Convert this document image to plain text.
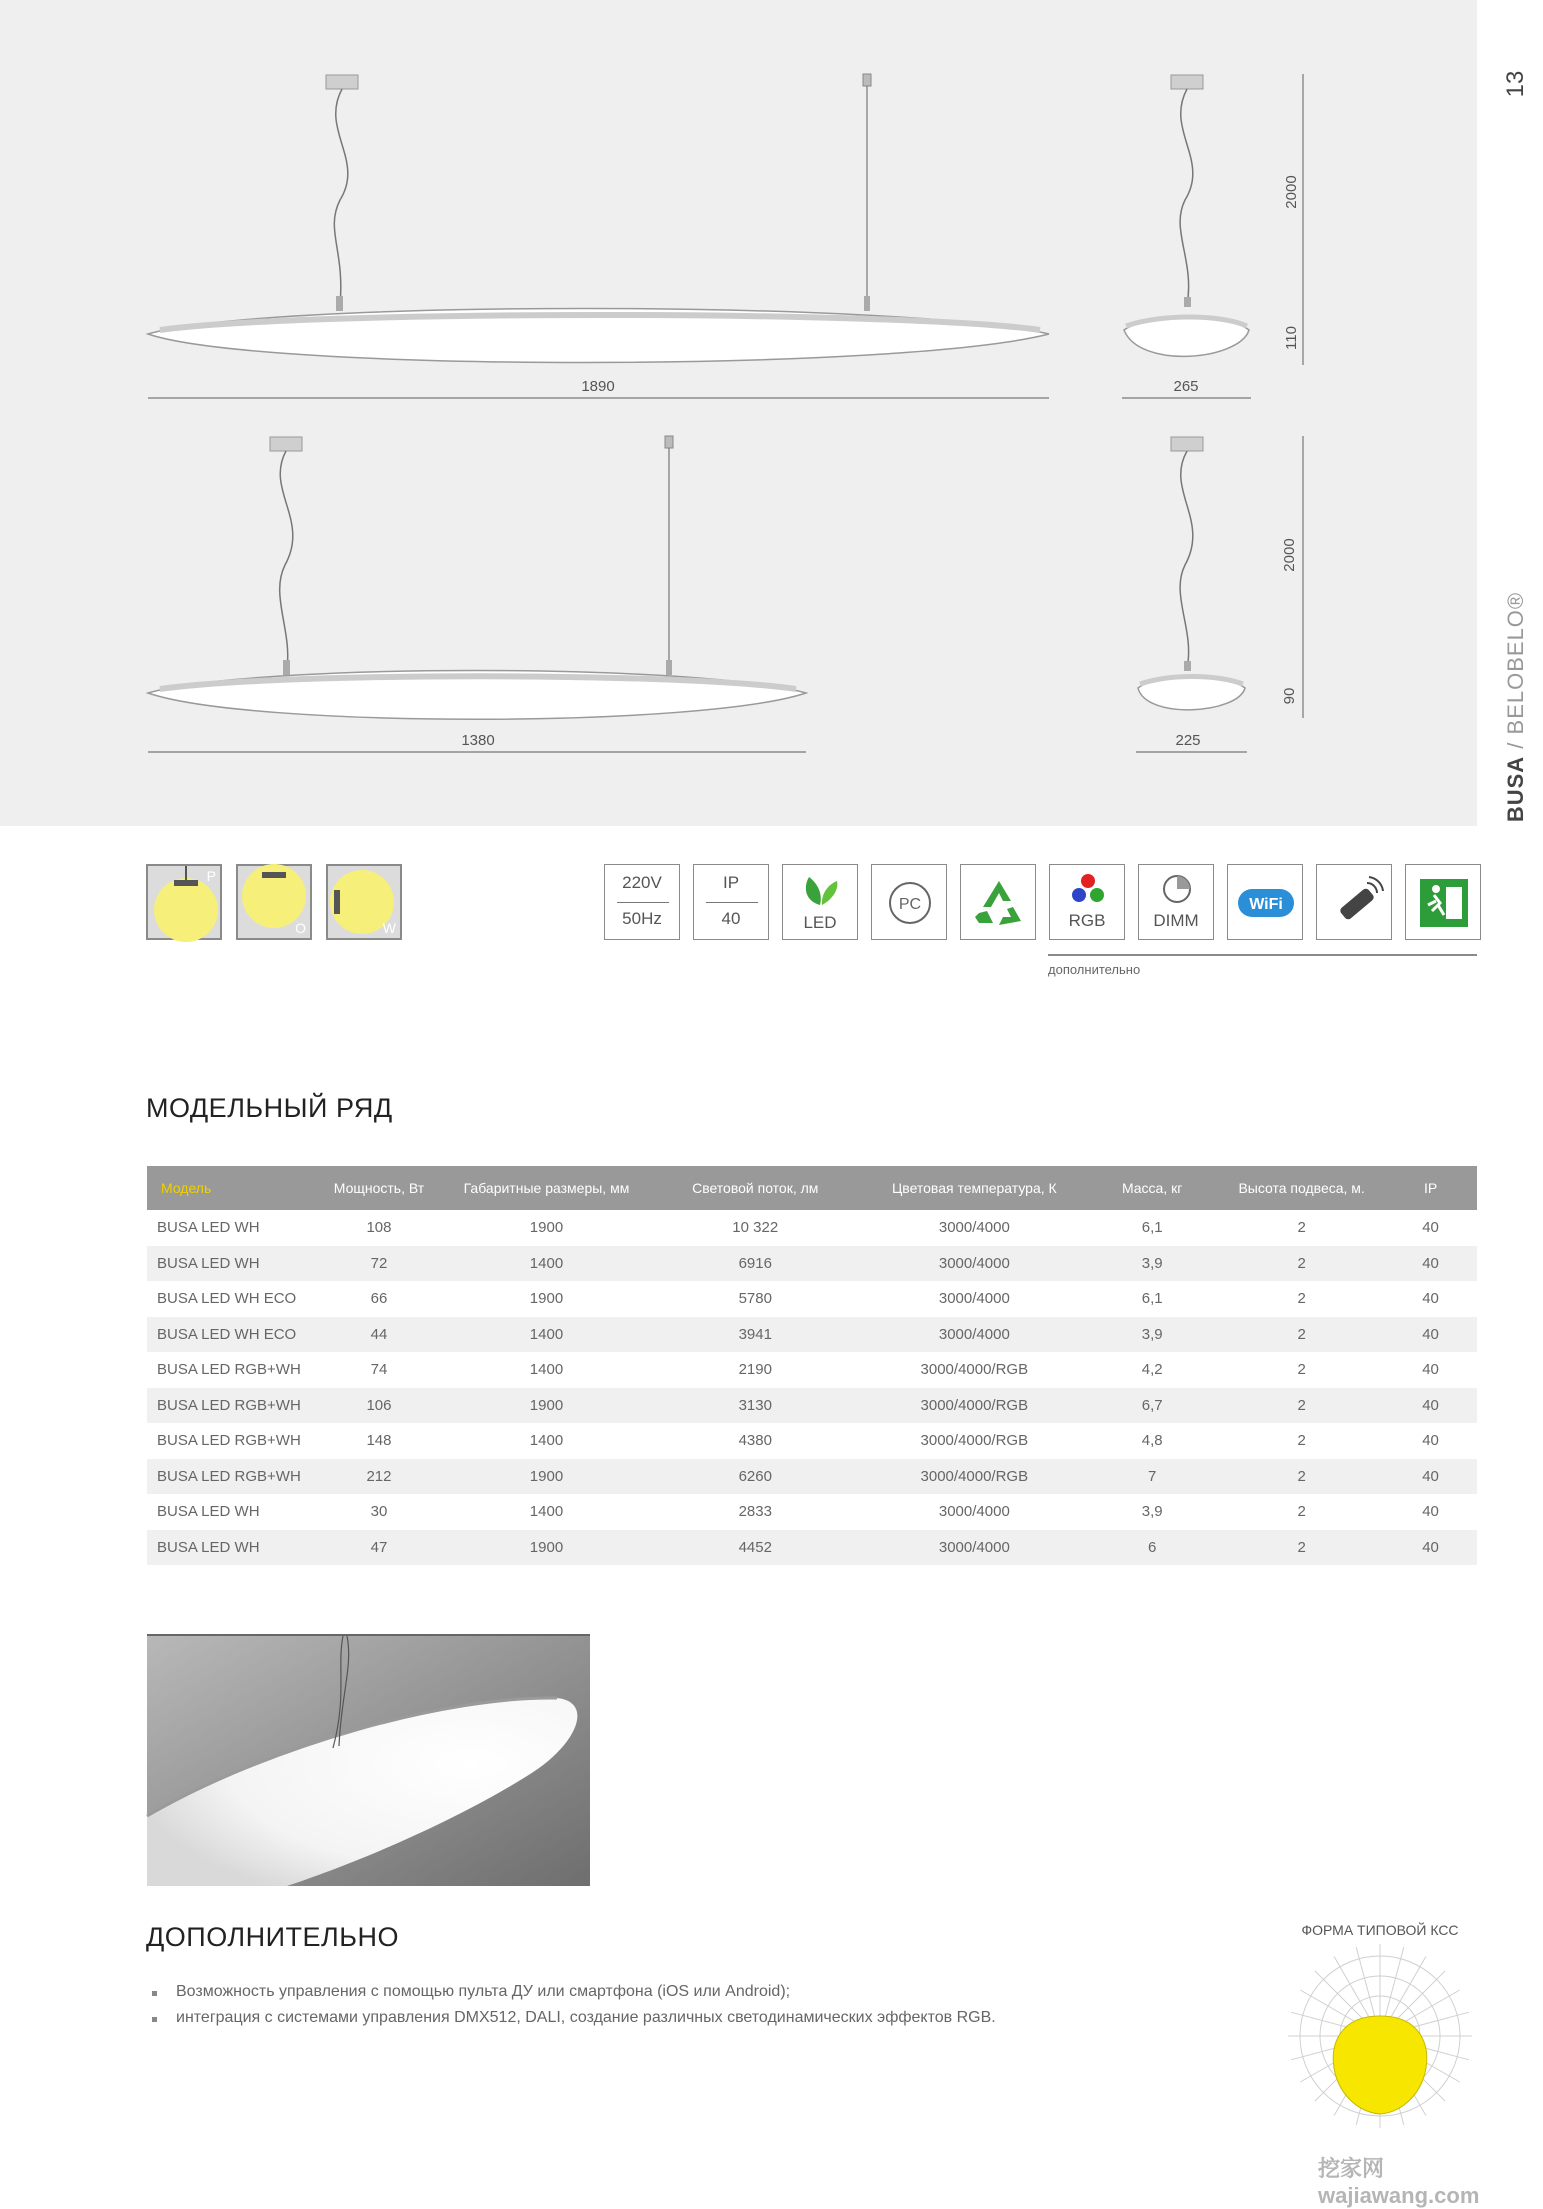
1890	265
2000
110
1380	225
2000
90
13
BUSA / BELOBELO®
P
O	W
220V
50Hz
IP
40	LED
PC
RGB	DIMM
WiFi
дополнительно
МОДЕЛЬНЫЙ РЯД
Модель	Мощность, Вт	Габаритные размеры, мм	Световой поток, лм	Цветовая температура, К	Масса, кг	Высота подвеса, м.	IP
BUSA LED WH	108	1900	10 322	3000/4000	6,1	2	40
BUSA LED WH	72	1400	6916	3000/4000	3,9	2	40
BUSA LED WH ECO	66	1900	5780	3000/4000	6,1	2	40
BUSA LED WH ECO	44	1400	3941	3000/4000	3,9	2	40
BUSA LED RGB+WH	74	1400	2190	3000/4000/RGB	4,2	2	40
BUSA LED RGB+WH	106	1900	3130	3000/4000/RGB	6,7	2	40
BUSA LED RGB+WH	148	1400	4380	3000/4000/RGB	4,8	2	40
BUSA LED RGB+WH	212	1900	6260	3000/4000/RGB	7	2	40
BUSA LED WH	30	1400	2833	3000/4000	3,9	2	40
BUSA LED WH	47	1900	4452	3000/4000	6	2	40
ДОПОЛНИТЕЛЬНО
Возможность управления с помощью пульта ДУ или смартфона (iOS или Android);
интеграция с системами управления DMX512, DALI, создание различных светодинамических эффектов RGB.
ФОРМА ТИПОВОЙ КСС
挖家网 wajiawang.com
